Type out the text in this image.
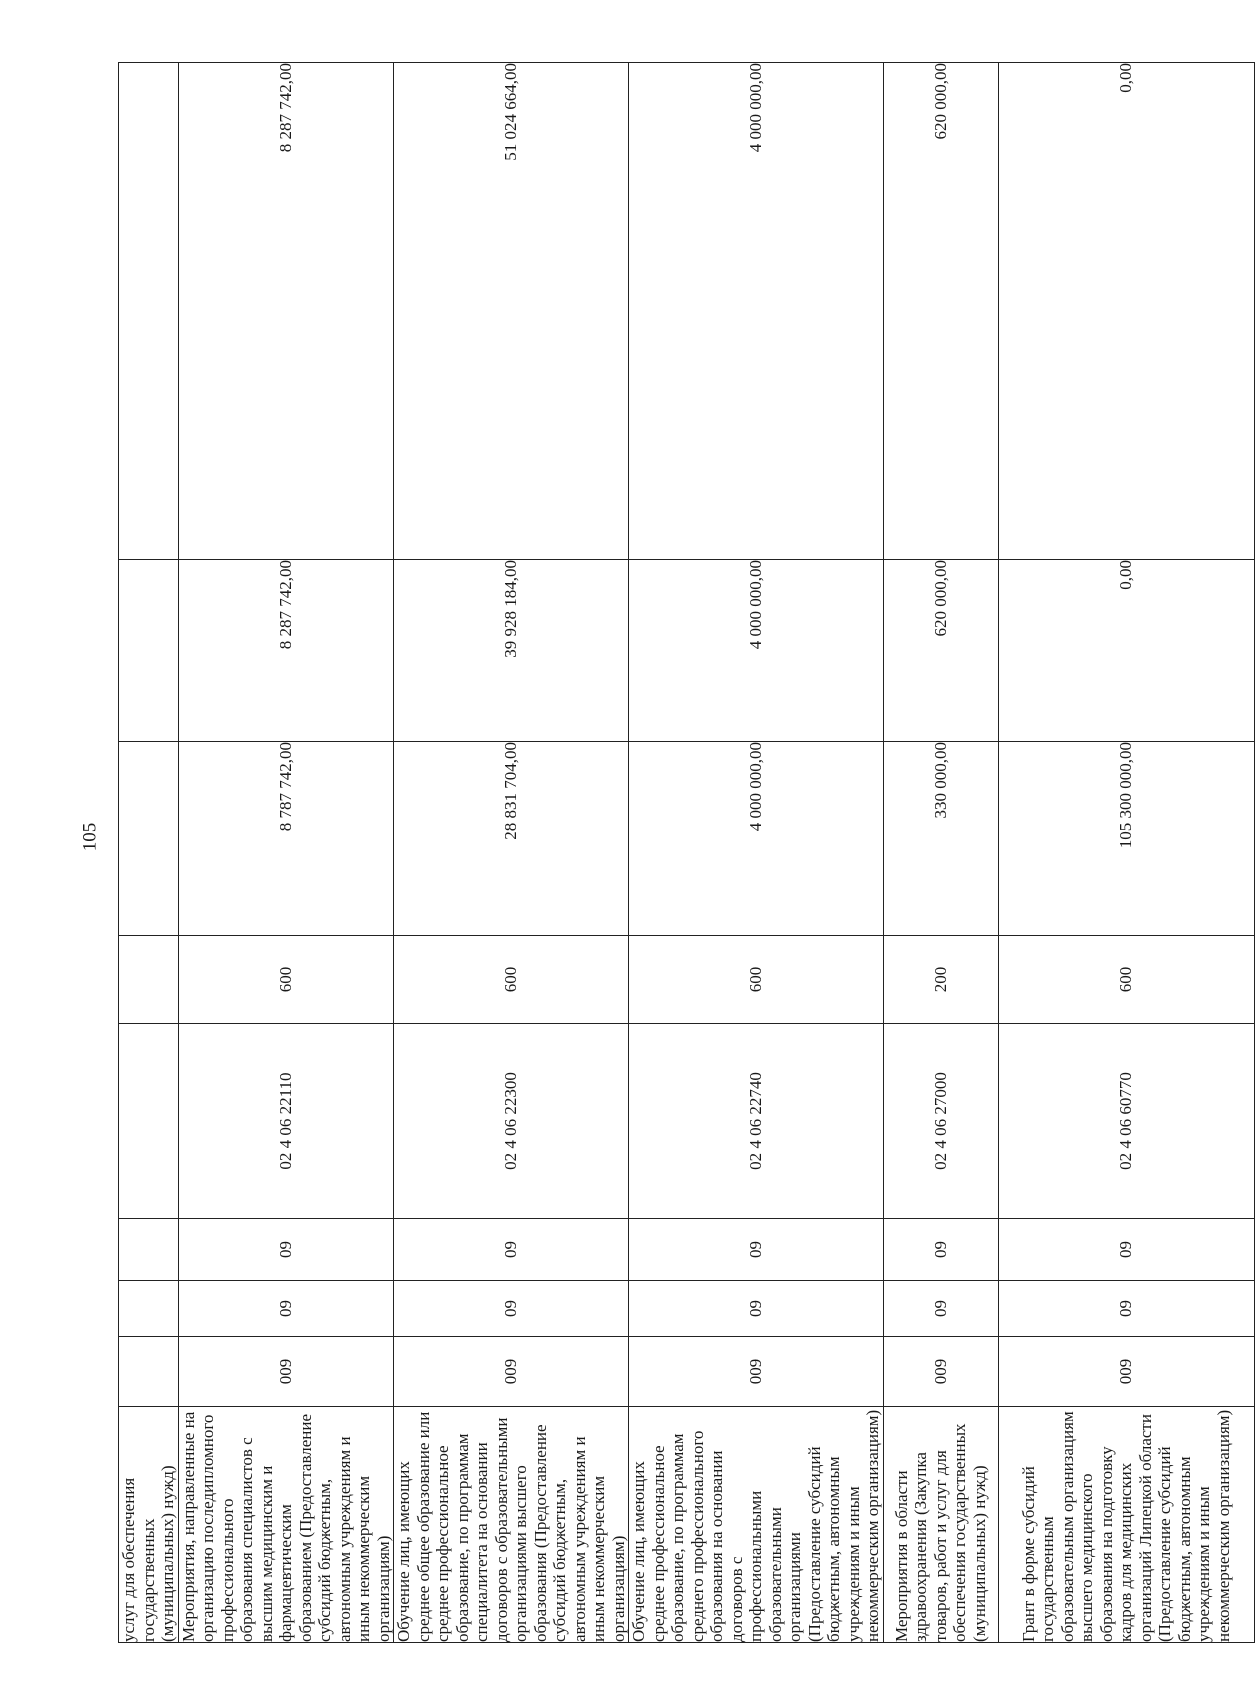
105
услуг для обеспечения государственных (муниципальных) нужд)								
Мероприятия, направленные на организацию последипломного профессионального образования специалистов с высшим медицинским и фармацевтическим образованием (Предоставление субсидий бюджетным, автономным учреждениям и иным некоммерческим организациям)	009	09	09	02 4 06 22110	600	8 787 742,00	8 287 742,00	8 287 742,00
Обучение лиц, имеющих среднее общее образование или среднее профессиональное образование, по программам специалитета на основании договоров с образовательными организациями высшего образования (Предоставление субсидий бюджетным, автономным учреждениям и иным некоммерческим организациям)	009	09	09	02 4 06 22300	600	28 831 704,00	39 928 184,00	51 024 664,00
Обучение лиц, имеющих среднее профессиональное образование, по программам среднего профессионального образования на основании договоров с профессиональными образовательными организациями (Предоставление субсидий бюджетным, автономным учреждениям и иным некоммерческим организациям)	009	09	09	02 4 06 22740	600	4 000 000,00	4 000 000,00	4 000 000,00
Мероприятия в области здравоохранения (Закупка товаров, работ и услуг для обеспечения государственных (муниципальных) нужд)	009	09	09	02 4 06 27000	200	330 000,00	620 000,00	620 000,00
Грант в форме субсидий государственным образовательным организациям высшего медицинского образования на подготовку кадров для медицинских организаций Липецкой области (Предоставление субсидий бюджетным, автономным учреждениям и иным некоммерческим организациям)	009	09	09	02 4 06 60770	600	105 300 000,00	0,00	0,00
